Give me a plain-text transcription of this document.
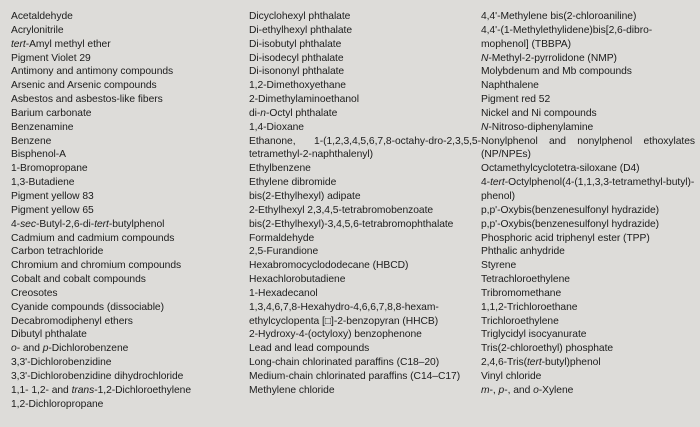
Acetaldehyde
Acrylonitrile
tert-Amyl methyl ether
Pigment Violet 29
Antimony and antimony compounds
Arsenic and Arsenic compounds
Asbestos and asbestos-like fibers
Barium carbonate
Benzenamine
Benzene
Bisphenol-A
1-Bromopropane
1,3-Butadiene
Pigment yellow 83
Pigment yellow 65
4-sec-Butyl-2,6-di-tert-butylphenol
Cadmium and cadmium compounds
Carbon tetrachloride
Chromium and chromium compounds
Cobalt and cobalt compounds
Creosotes
Cyanide compounds (dissociable)
Decabromodiphenyl ethers
Dibutyl phthalate
o- and p-Dichlorobenzene
3,3'-Dichlorobenzidine
3,3'-Dichlorobenzidine dihydrochloride
1,1- 1,2- and trans-1,2-Dichloroethylene
1,2-Dichloropropane
Dicyclohexyl phthalate
Di-ethylhexyl phthalate
Di-isobutyl phthalate
Di-isodecyl phthalate
Di-isononyl phthalate
1,2-Dimethoxyethane
2-Dimethylaminoethanol
di-n-Octyl phthalate
1,4-Dioxane
Ethanone, 1-(1,2,3,4,5,6,7,8-octahy-dro-2,3,5,5-tetramethyl-2-naphthalenyl)
Ethylbenzene
Ethylene dibromide
bis(2-Ethylhexyl) adipate
2-Ethylhexyl 2,3,4,5-tetrabromobenzoate
bis(2-Ethylhexyl)-3,4,5,6-tetrabromophthalate
Formaldehyde
2,5-Furandione
Hexabromocyclododecane (HBCD)
Hexachlorobutadiene
1-Hexadecanol
1,3,4,6,7,8-Hexahydro-4,6,6,7,8,8-hexam-ethylcyclopenta [□]-2-benzopyran (HHCB)
2-Hydroxy-4-(octyloxy) benzophenone
Lead and lead compounds
Long-chain chlorinated paraffins (C18–20)
Medium-chain chlorinated paraffins (C14–C17)
Methylene chloride
4,4'-Methylene bis(2-chloroaniline)
4,4'-(1-Methylethylidene)bis[2,6-dibro-mophenol] (TBBPA)
N-Methyl-2-pyrrolidone (NMP)
Molybdenum and Mb compounds
Naphthalene
Pigment red 52
Nickel and Ni compounds
N-Nitroso-diphenylamine
Nonylphenol and nonylphenol ethoxylates (NP/NPEs)
Octamethylcyclotetra-siloxane (D4)
4-tert-Octylphenol(4-(1,1,3,3-tetramethyl-butyl)-phenol)
p,p'-Oxybis(benzenesulfonyl hydrazide)
p,p'-Oxybis(benzenesulfonyl hydrazide)
Phosphoric acid triphenyl ester (TPP)
Phthalic anhydride
Styrene
Tetrachloroethylene
Tribromomethane
1,1,2-Trichloroethane
Trichloroethylene
Triglycidyl isocyanurate
Tris(2-chloroethyl) phosphate
2,4,6-Tris(tert-butyl)phenol
Vinyl chloride
m-, p-, and o-Xylene
